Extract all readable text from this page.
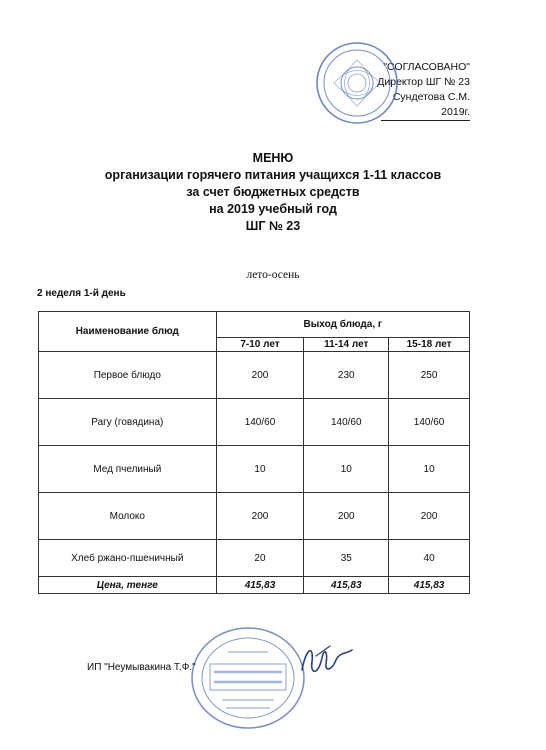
"СОГЛАСОВАНО"
Директор ШГ № 23
Сундетова С.М.
2019г.
МЕНЮ
организации горячего питания учащихся 1-11 классов
за счет бюджетных средств
на 2019 учебный год
ШГ № 23
лето-осень
2 неделя 1-й день
Наименование блюд	Выход блюда, г		
	7-10 лет	11-14 лет	15-18 лет
Первое блюдо	200	230	250
Рагу (говядина)	140/60	140/60	140/60
Мед пчелиный	10	10	10
Молоко	200	200	200
Хлеб ржано-пшеничный	20	35	40
Цена, тенге	415,83	415,83	415,83
ИП "Неумывакина Т.Ф."
